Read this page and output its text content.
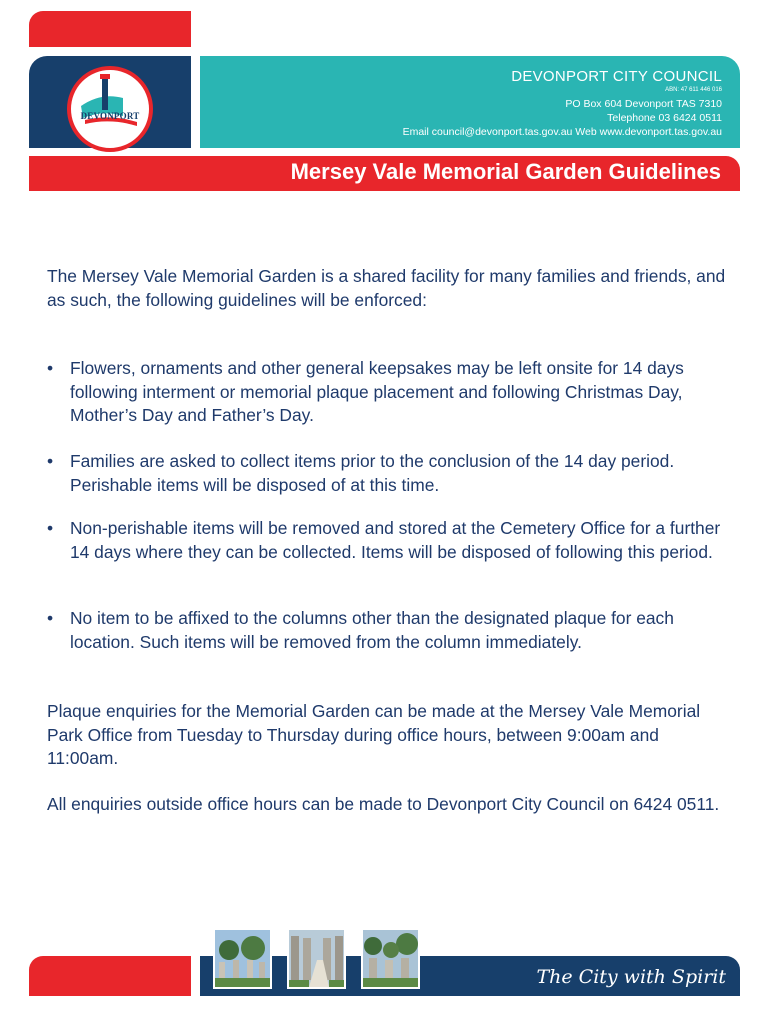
DEVONPORT
DEVONPORT CITY COUNCIL
ABN: 47 611 446 016
PO Box 604 Devonport TAS 7310
Telephone 03 6424 0511
Email council@devonport.tas.gov.au Web www.devonport.tas.gov.au
Mersey Vale Memorial Garden Guidelines
The Mersey Vale Memorial Garden is a shared facility for many families and friends, and as such, the following guidelines will be enforced:
• Flowers, ornaments and other general keepsakes may be left onsite for 14 days following interment or memorial plaque placement and following Christmas Day, Mother’s Day and Father’s Day.
• Families are asked to collect items prior to the conclusion of the 14 day period. Perishable items will be disposed of at this time.
• Non-perishable items will be removed and stored at the Cemetery Office for a further 14 days where they can be collected. Items will be disposed of following this period.
• No item to be affixed to the columns other than the designated plaque for each location. Such items will be removed from the column immediately.
Plaque enquiries for the Memorial Garden can be made at the Mersey Vale Memorial Park Office from Tuesday to Thursday during office hours, between 9:00am and 11:00am.
All enquiries outside office hours can be made to Devonport City Council on 6424 0511.
The City with Spirit
